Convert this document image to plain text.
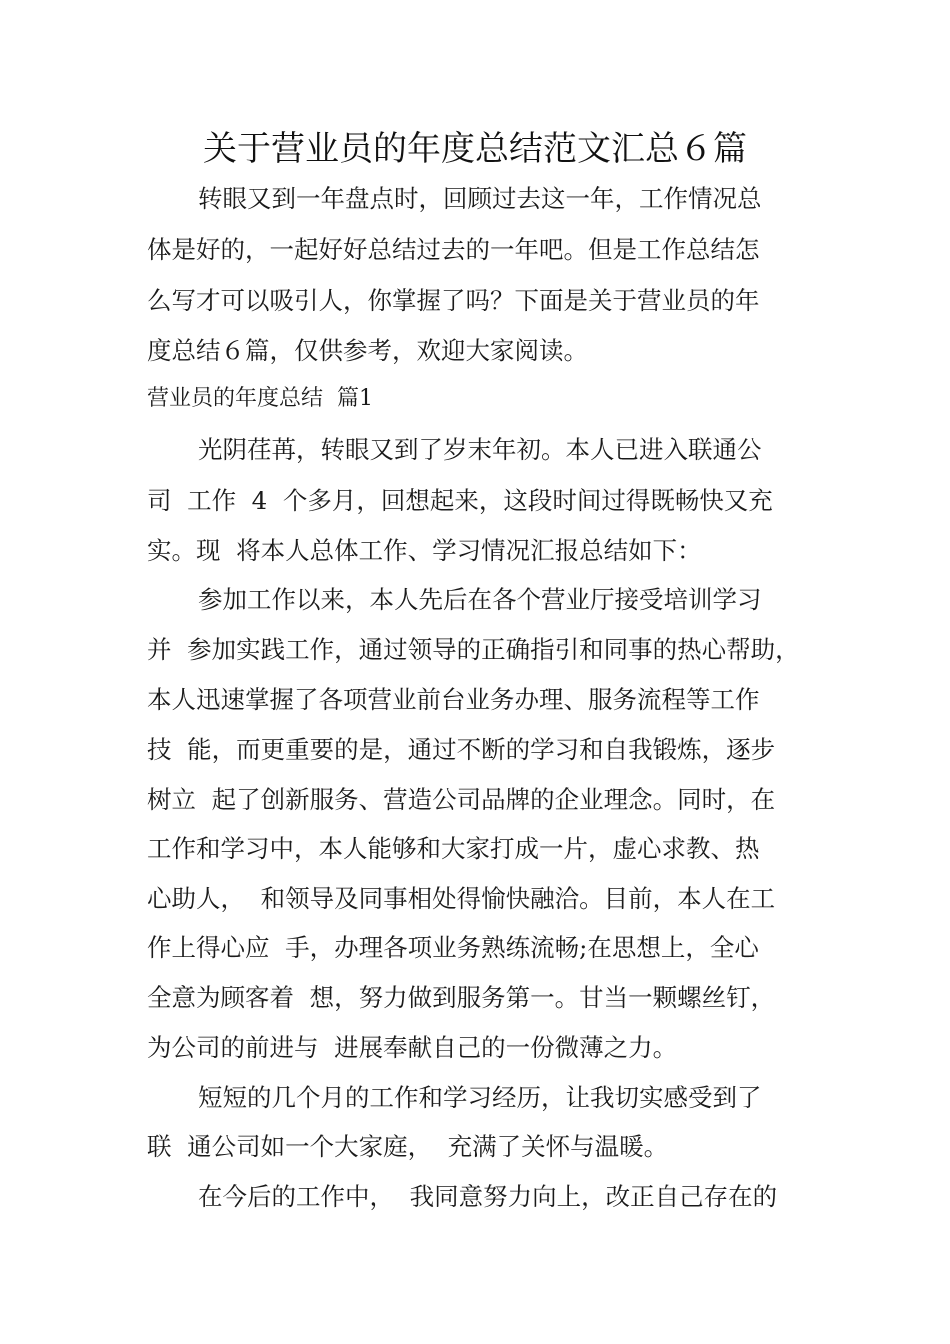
关于营业员的年度总结范文汇总６篇
转眼又到一年盘点时，回顾过去这一年，工作情况总
体是好的，一起好好总结过去的一年吧。但是工作总结怎
么写才可以吸引人，你掌握了吗？下面是关于营业员的年
度总结６篇，仅供参考，欢迎大家阅读。
营业员的年度总结  篇1
光阴荏苒，转眼又到了岁末年初。本人已进入联通公
司  工作  4  个多月，回想起来，这段时间过得既畅快又充
实。现  将本人总体工作、学习情况汇报总结如下：
参加工作以来，本人先后在各个营业厅接受培训学习
并  参加实践工作，通过领导的正确指引和同事的热心帮助，
本人迅速掌握了各项营业前台业务办理、服务流程等工作
技  能，而更重要的是，通过不断的学习和自我锻炼，逐步
树立  起了创新服务、营造公司品牌的企业理念。同时，在
工作和学习中，本人能够和大家打成一片，虚心求教、热
心助人，  和领导及同事相处得愉快融洽。目前，本人在工
作上得心应  手，办理各项业务熟练流畅;在思想上，全心
全意为顾客着  想，努力做到服务第一。甘当一颗螺丝钉，
为公司的前进与  进展奉献自己的一份微薄之力。
短短的几个月的工作和学习经历，让我切实感受到了
联  通公司如一个大家庭，  充满了关怀与温暖。
在今后的工作中，  我同意努力向上，改正自己存在的
